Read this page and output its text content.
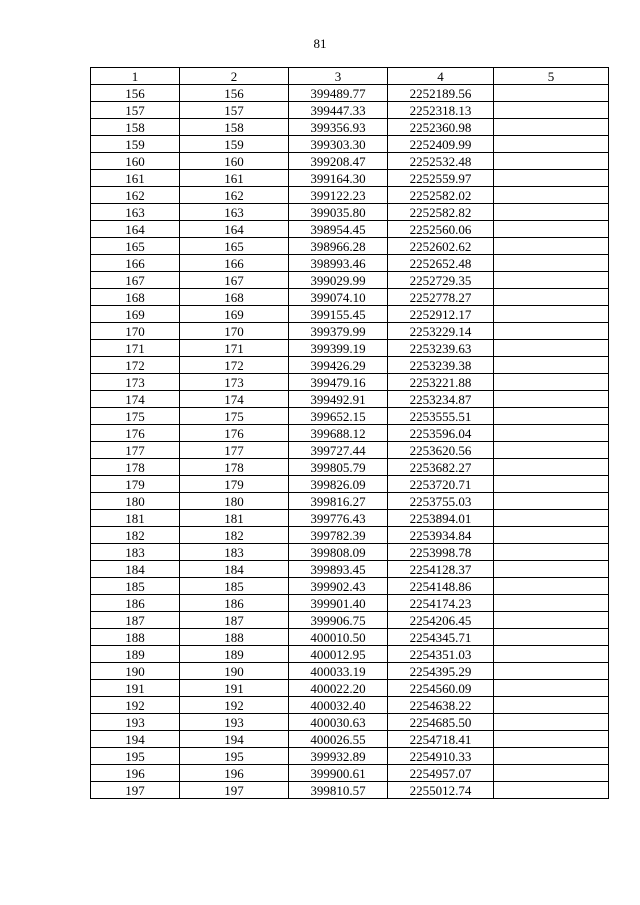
81
1	2	3	4	5
156	156	399489.77	2252189.56	
157	157	399447.33	2252318.13	
158	158	399356.93	2252360.98	
159	159	399303.30	2252409.99	
160	160	399208.47	2252532.48	
161	161	399164.30	2252559.97	
162	162	399122.23	2252582.02	
163	163	399035.80	2252582.82	
164	164	398954.45	2252560.06	
165	165	398966.28	2252602.62	
166	166	398993.46	2252652.48	
167	167	399029.99	2252729.35	
168	168	399074.10	2252778.27	
169	169	399155.45	2252912.17	
170	170	399379.99	2253229.14	
171	171	399399.19	2253239.63	
172	172	399426.29	2253239.38	
173	173	399479.16	2253221.88	
174	174	399492.91	2253234.87	
175	175	399652.15	2253555.51	
176	176	399688.12	2253596.04	
177	177	399727.44	2253620.56	
178	178	399805.79	2253682.27	
179	179	399826.09	2253720.71	
180	180	399816.27	2253755.03	
181	181	399776.43	2253894.01	
182	182	399782.39	2253934.84	
183	183	399808.09	2253998.78	
184	184	399893.45	2254128.37	
185	185	399902.43	2254148.86	
186	186	399901.40	2254174.23	
187	187	399906.75	2254206.45	
188	188	400010.50	2254345.71	
189	189	400012.95	2254351.03	
190	190	400033.19	2254395.29	
191	191	400022.20	2254560.09	
192	192	400032.40	2254638.22	
193	193	400030.63	2254685.50	
194	194	400026.55	2254718.41	
195	195	399932.89	2254910.33	
196	196	399900.61	2254957.07	
197	197	399810.57	2255012.74	
